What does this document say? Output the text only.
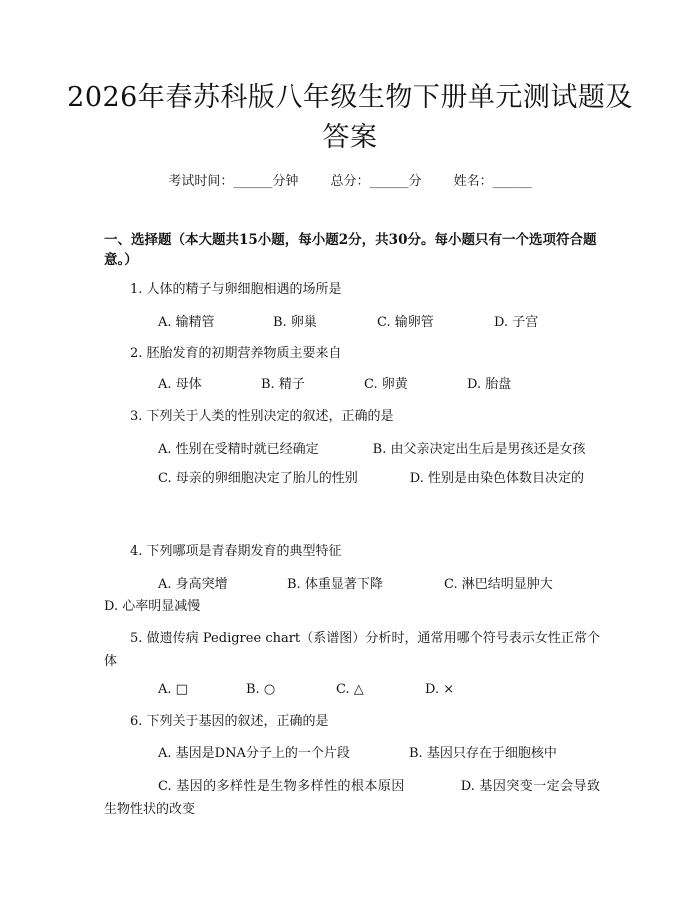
2026年春苏科版八年级生物下册单元测试题及答案
考试时间：______分钟 总分：______分 姓名：______
一、选择题（本大题共15小题，每小题2分，共30分。每小题只有一个选项符合题意。）
1. 人体的精子与卵细胞相遇的场所是
A. 输精管	B. 卵巢	C. 输卵管	D. 子宫
2. 胚胎发育的初期营养物质主要来自
A. 母体	B. 精子	C. 卵黄	D. 胎盘
3. 下列关于人类的性别决定的叙述，正确的是
A. 性别在受精时就已经确定	B. 由父亲决定出生后是男孩还是女孩
C. 母亲的卵细胞决定了胎儿的性别	D. 性别是由染色体数目决定的
4. 下列哪项是青春期发育的典型特征
A. 身高突增	B. 体重显著下降	C. 淋巴结明显肿大
D. 心率明显减慢
5. 做遗传病 Pedigree chart（系谱图）分析时，通常用哪个符号表示女性正常个体
A. □	B. ○	C. △	D. ×
6. 下列关于基因的叙述，正确的是
A. 基因是DNA分子上的一个片段	B. 基因只存在于细胞核中
C. 基因的多样性是生物多样性的根本原因	D. 基因突变一定会导致生物性状的改变
